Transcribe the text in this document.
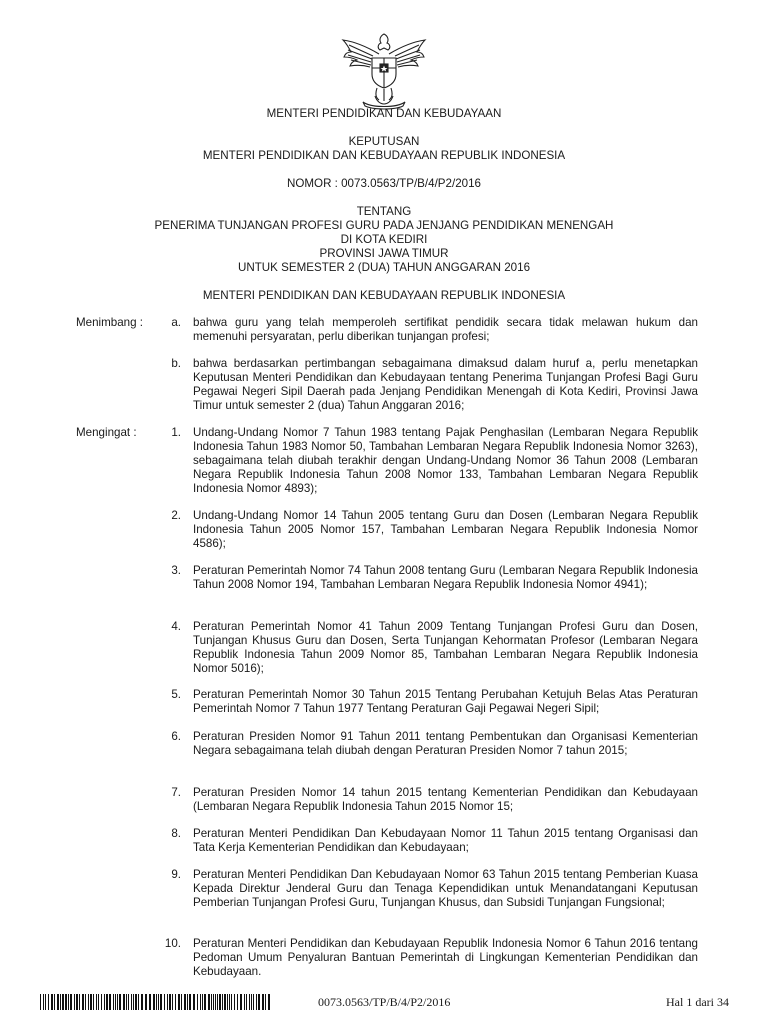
MENTERI PENDIDIKAN DAN KEBUDAYAAN
KEPUTUSAN
MENTERI PENDIDIKAN DAN KEBUDAYAAN REPUBLIK INDONESIA
NOMOR : 0073.0563/TP/B/4/P2/2016
TENTANG
PENERIMA TUNJANGAN PROFESI GURU PADA JENJANG PENDIDIKAN MENENGAH
DI KOTA KEDIRI
PROVINSI JAWA TIMUR
UNTUK SEMESTER 2 (DUA) TAHUN ANGGARAN 2016
MENTERI PENDIDIKAN DAN KEBUDAYAAN REPUBLIK INDONESIA
Menimbang :	a. bahwa guru yang telah memperoleh sertifikat pendidik secara tidak melawan hukum dan memenuhi persyaratan, perlu diberikan tunjangan profesi;
b. bahwa berdasarkan pertimbangan sebagaimana dimaksud dalam huruf a, perlu menetapkan Keputusan Menteri Pendidikan dan Kebudayaan tentang Penerima Tunjangan Profesi Bagi Guru Pegawai Negeri Sipil Daerah pada Jenjang Pendidikan Menengah di Kota Kediri, Provinsi Jawa Timur untuk semester 2 (dua) Tahun Anggaran 2016;
Mengingat :	1. Undang-Undang Nomor 7 Tahun 1983 tentang Pajak Penghasilan (Lembaran Negara Republik Indonesia Tahun 1983 Nomor 50, Tambahan Lembaran Negara Republik Indonesia Nomor 3263), sebagaimana telah diubah terakhir dengan Undang-Undang Nomor 36 Tahun 2008 (Lembaran Negara Republik Indonesia Tahun 2008 Nomor 133, Tambahan Lembaran Negara Republik Indonesia Nomor 4893);
2. Undang-Undang Nomor 14 Tahun 2005 tentang Guru dan Dosen (Lembaran Negara Republik Indonesia Tahun 2005 Nomor 157, Tambahan Lembaran Negara Republik Indonesia Nomor 4586);
3. Peraturan Pemerintah Nomor 74 Tahun 2008 tentang Guru (Lembaran Negara Republik Indonesia Tahun 2008 Nomor 194, Tambahan Lembaran Negara Republik Indonesia Nomor 4941);
4. Peraturan Pemerintah Nomor 41 Tahun 2009 Tentang Tunjangan Profesi Guru dan Dosen, Tunjangan Khusus Guru dan Dosen, Serta Tunjangan Kehormatan Profesor (Lembaran Negara Republik Indonesia Tahun 2009 Nomor 85, Tambahan Lembaran Negara Republik Indonesia Nomor 5016);
5. Peraturan Pemerintah Nomor 30 Tahun 2015 Tentang Perubahan Ketujuh Belas Atas Peraturan Pemerintah Nomor 7 Tahun 1977 Tentang Peraturan Gaji Pegawai Negeri Sipil;
6. Peraturan Presiden Nomor 91 Tahun 2011 tentang Pembentukan dan Organisasi Kementerian Negara sebagaimana telah diubah dengan Peraturan Presiden Nomor 7 tahun 2015;
7. Peraturan Presiden Nomor 14 tahun 2015 tentang Kementerian Pendidikan dan Kebudayaan (Lembaran Negara Republik Indonesia Tahun 2015 Nomor 15;
8. Peraturan Menteri Pendidikan Dan Kebudayaan Nomor 11 Tahun 2015 tentang Organisasi dan Tata Kerja Kementerian Pendidikan dan Kebudayaan;
9. Peraturan Menteri Pendidikan Dan Kebudayaan Nomor 63 Tahun 2015 tentang Pemberian Kuasa Kepada Direktur Jenderal Guru dan Tenaga Kependidikan untuk Menandatangani Keputusan Pemberian Tunjangan Profesi Guru, Tunjangan Khusus, dan Subsidi Tunjangan Fungsional;
10. Peraturan Menteri Pendidikan dan Kebudayaan Republik Indonesia Nomor 6 Tahun 2016 tentang Pedoman Umum Penyaluran Bantuan Pemerintah di Lingkungan Kementerian Pendidikan dan Kebudayaan.
0073.0563/TP/B/4/P2/2016	Hal 1 dari 34
